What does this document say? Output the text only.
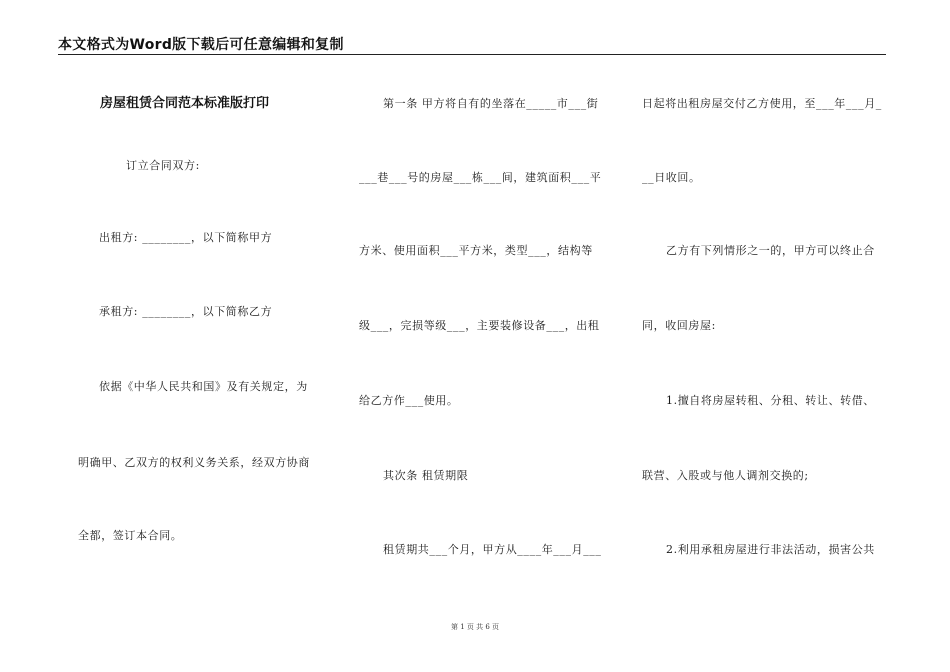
本文格式为Word版下载后可任意编辑和复制
房屋租赁合同范本标准版打印
订立合同双方:
出租方: ________，以下简称甲方
承租方: ________，以下简称乙方
依据《中华人民共和国》及有关规定，为
明确甲、乙双方的权利义务关系，经双方协商
全都，签订本合同。
第一条 甲方将自有的坐落在_____市___街
___巷___号的房屋___栋___间，建筑面积___平
方米、使用面积___平方米，类型___，结构等
级___，完损等级___，主要装修设备___，出租
给乙方作___使用。
其次条 租赁期限
租赁期共___个月，甲方从____年___月___
日起将出租房屋交付乙方使用，至___年___月_
__日收回。
乙方有下列情形之一的，甲方可以终止合
同，收回房屋:
1.擅自将房屋转租、分租、转让、转借、
联营、入股或与他人调剂交换的;
2.利用承租房屋进行非法活动，损害公共
第 1 页 共 6 页
